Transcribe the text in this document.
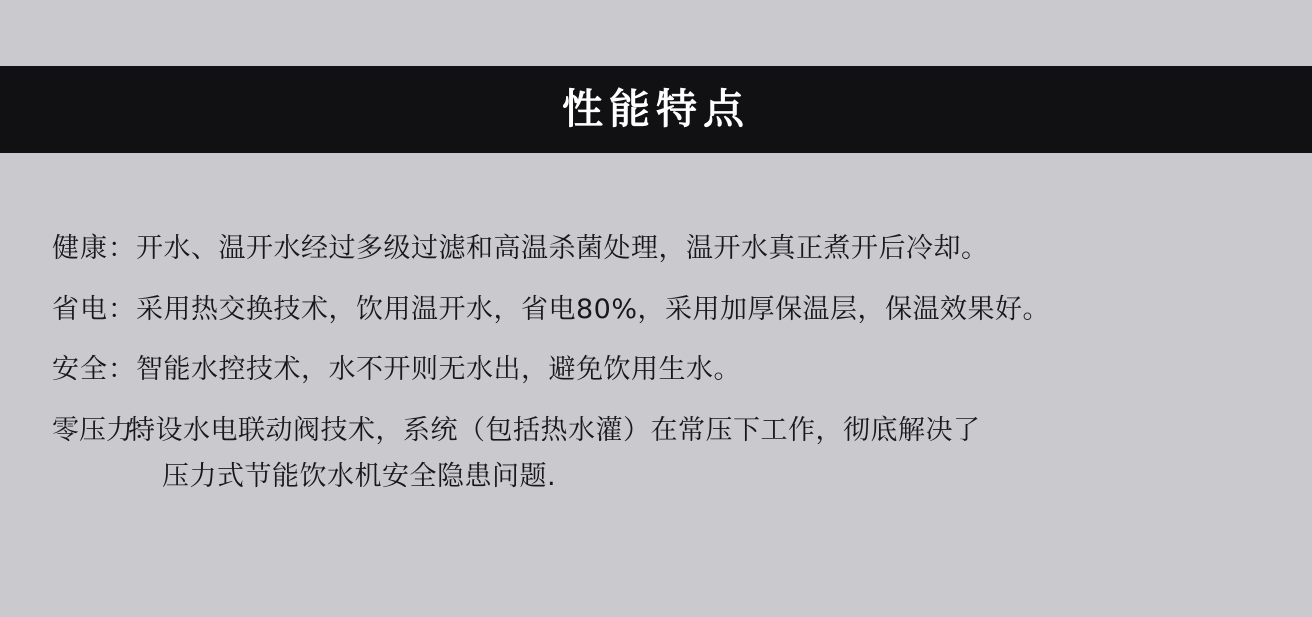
性能特点
健康： 开水、温开水经过多级过滤和高温杀菌处理，温开水真正煮开后冷却。
省电： 采用热交换技术，饮用温开水，省电80%，采用加厚保温层，保温效果好。
安全： 智能水控技术，水不开则无水出，避免饮用生水。
零压力：
特设水电联动阀技术，系统（包括热水灌）在常压下工作，彻底解决了
压力式节能饮水机安全隐患问题.
